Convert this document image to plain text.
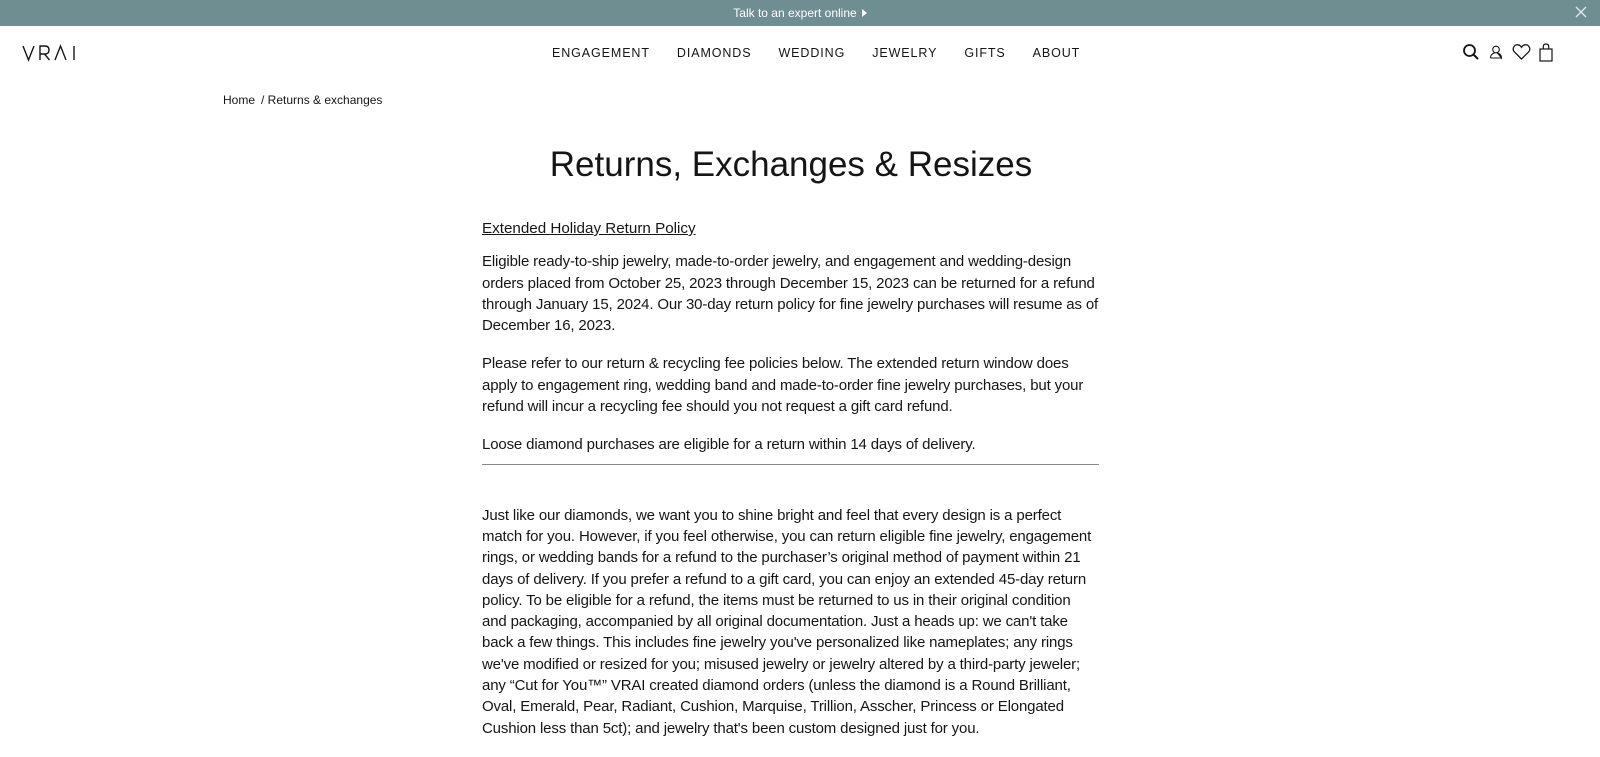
Talk to an expert online
ENGAGEMENT DIAMONDS WEDDING JEWELRY GIFTS ABOUT
Home / Returns & exchanges
Returns, Exchanges & Resizes
Extended Holiday Return Policy

Eligible ready-to-ship jewelry, made-to-order jewelry, and engagement and wedding-design orders placed from October 25, 2023 through December 15, 2023 can be returned for a refund through January 15, 2024. Our 30-day return policy for fine jewelry purchases will resume as of December 16, 2023.

Please refer to our return & recycling fee policies below. The extended return window does apply to engagement ring, wedding band and made-to-order fine jewelry purchases, but your refund will incur a recycling fee should you not request a gift card refund.

Loose diamond purchases are eligible for a return within 14 days of delivery.

Just like our diamonds, we want you to shine bright and feel that every design is a perfect match for you. However, if you feel otherwise, you can return eligible fine jewelry, engagement rings, or wedding bands for a refund to the purchaser’s original method of payment within 21 days of delivery. If you prefer a refund to a gift card, you can enjoy an extended 45-day return policy. To be eligible for a refund, the items must be returned to us in their original condition and packaging, accompanied by all original documentation. Just a heads up: we can't take back a few things. This includes fine jewelry you've personalized like nameplates; any rings we've modified or resized for you; misused jewelry or jewelry altered by a third-party jeweler; any “Cut for You™” VRAI created diamond orders (unless the diamond is a Round Brilliant, Oval, Emerald, Pear, Radiant, Cushion, Marquise, Trillion, Asscher, Princess or Elongated Cushion less than 5ct); and jewelry that's been custom designed just for you.
